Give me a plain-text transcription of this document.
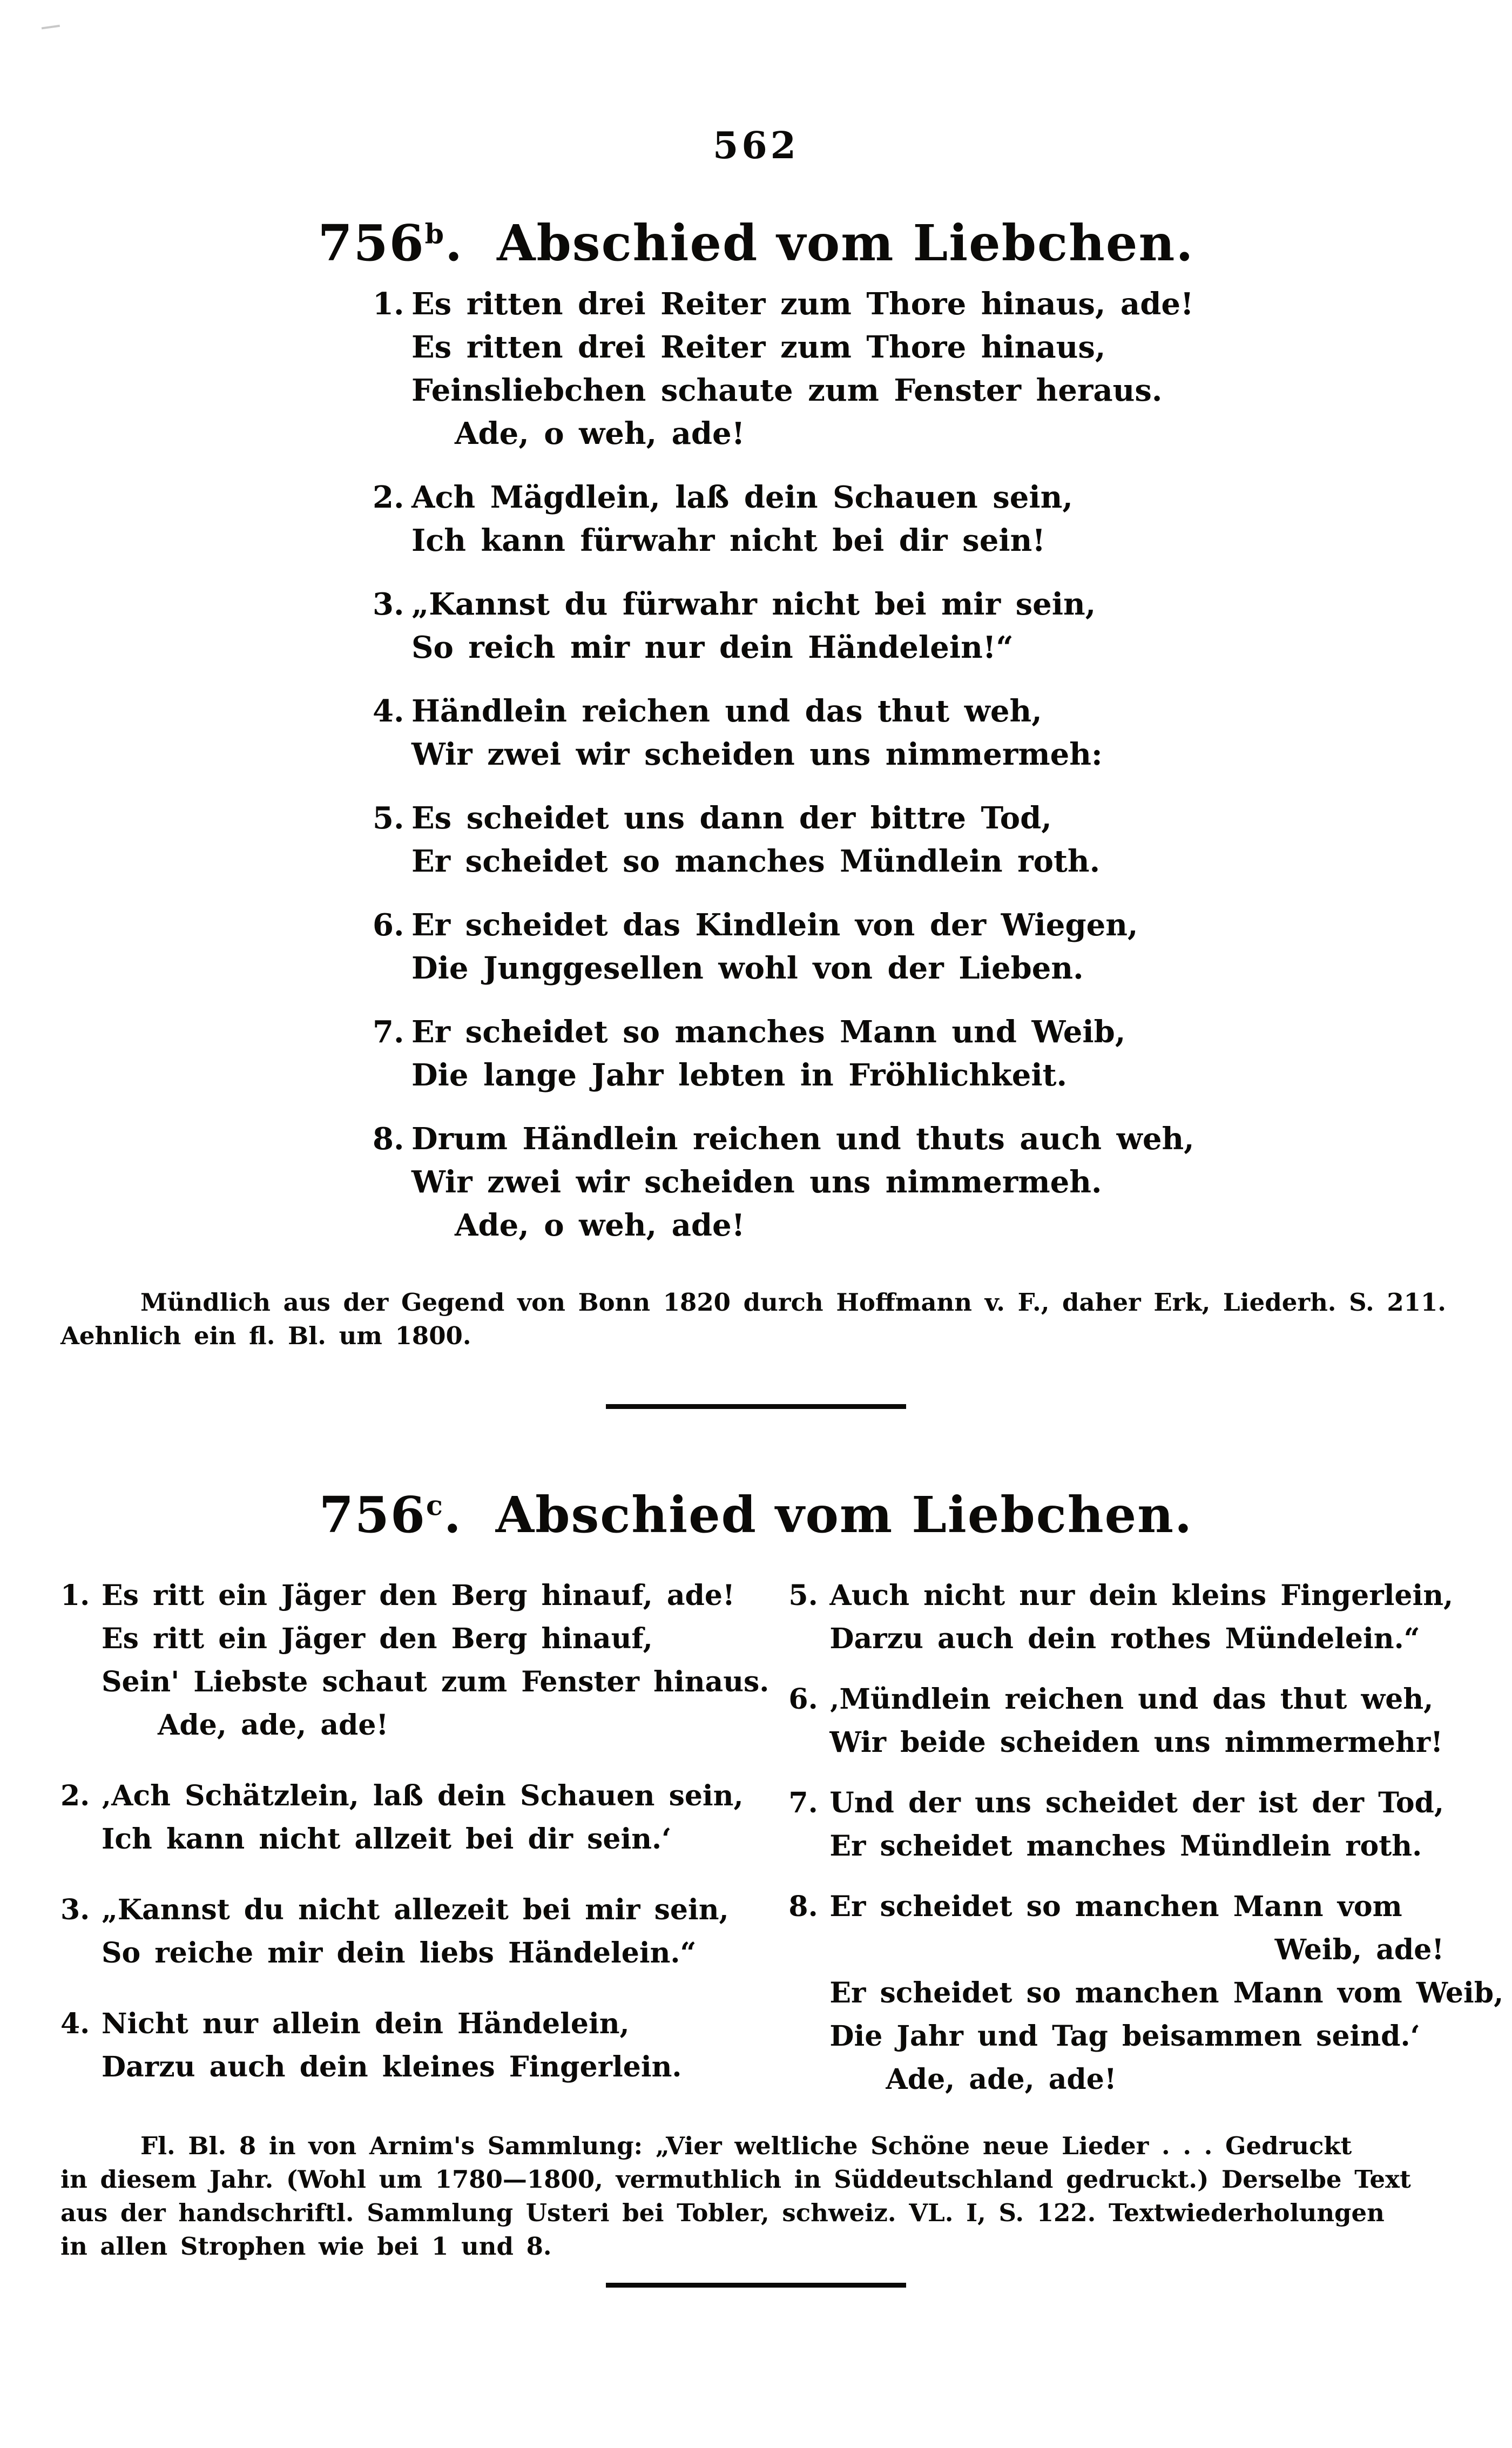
562
756$^b$. Abschied vom Liebchen.
1. Es ritten drei Reiter zum Thore hinaus, ade!
Es ritten drei Reiter zum Thore hinaus,
Feinsliebchen schaute zum Fenster heraus.
Ade, o weh, ade!
2. Ach Mägdlein, laß dein Schauen sein,
Ich kann fürwahr nicht bei dir sein!
3. „Kannst du fürwahr nicht bei mir sein,
So reich mir nur dein Händelein!“
4. Händlein reichen und das thut weh,
Wir zwei wir scheiden uns nimmermeh:
5. Es scheidet uns dann der bittre Tod,
Er scheidet so manches Mündlein roth.
6. Er scheidet das Kindlein von der Wiegen,
Die Junggesellen wohl von der Lieben.
7. Er scheidet so manches Mann und Weib,
Die lange Jahr lebten in Fröhlichkeit.
8. Drum Händlein reichen und thuts auch weh,
Wir zwei wir scheiden uns nimmermeh.
Ade, o weh, ade!
Mündlich aus der Gegend von Bonn 1820 durch Hoffmann v. F., daher Erk, Liederh. S. 211.
Aehnlich ein fl. Bl. um 1800.
756$^c$. Abschied vom Liebchen.
1. Es ritt ein Jäger den Berg hinauf, ade!
Es ritt ein Jäger den Berg hinauf,
Sein' Liebste schaut zum Fenster hinaus.
Ade, ade, ade!
2. ‚Ach Schätzlein, laß dein Schauen sein,
Ich kann nicht allzeit bei dir sein.‘
3. „Kannst du nicht allezeit bei mir sein,
So reiche mir dein liebs Händelein.“
4. Nicht nur allein dein Händelein,
Darzu auch dein kleines Fingerlein.
5. Auch nicht nur dein kleins Fingerlein,
Darzu auch dein rothes Mündelein.“
6. ‚Mündlein reichen und das thut weh,
Wir beide scheiden uns nimmermehr!
7. Und der uns scheidet der ist der Tod,
Er scheidet manches Mündlein roth.
8. Er scheidet so manchen Mann vom
Weib, ade!
Er scheidet so manchen Mann vom Weib,
Die Jahr und Tag beisammen seind.‘
Ade, ade, ade!
Fl. Bl. 8 in von Arnim's Sammlung: „Vier weltliche Schöne neue Lieder . . . Gedruckt
in diesem Jahr. (Wohl um 1780—1800, vermuthlich in Süddeutschland gedruckt.) Derselbe Text
aus der handschriftl. Sammlung Usteri bei Tobler, schweiz. VL. I, S. 122. Textwiederholungen
in allen Strophen wie bei 1 und 8.
